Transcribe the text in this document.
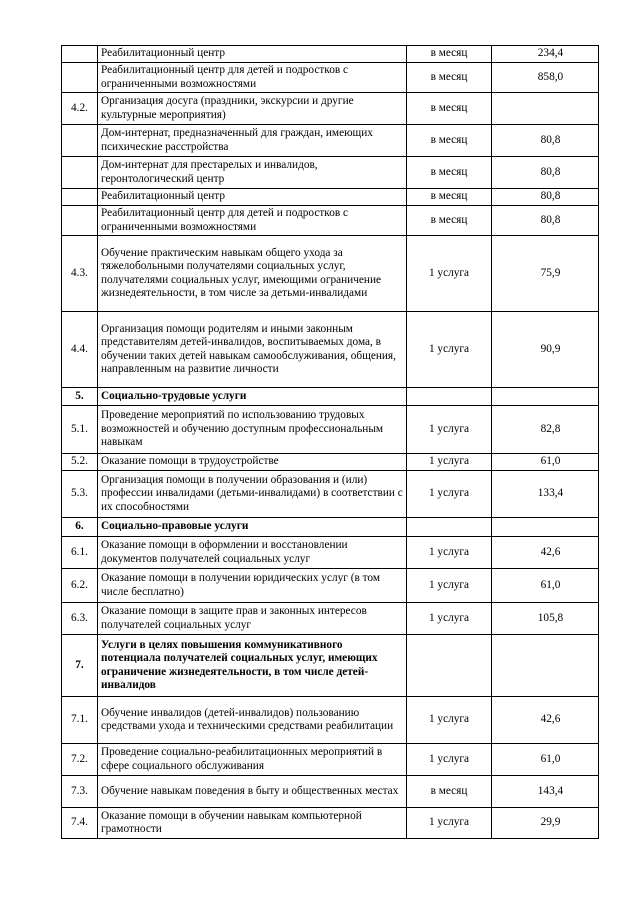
	Реабилитационный центр	в месяц	234,4
	Реабилитационный центр для детей и подростков с ограниченными возможностями	в месяц	858,0
4.2.	Организация досуга (праздники, экскурсии и другие культурные мероприятия)	в месяц	
	Дом-интернат, предназначенный для граждан, имеющих психические расстройства	в месяц	80,8
	Дом-интернат для престарелых и инвалидов, геронтологический центр	в месяц	80,8
	Реабилитационный центр	в месяц	80,8
	Реабилитационный центр для детей и подростков с ограниченными возможностями	в месяц	80,8
4.3.	Обучение практическим навыкам общего ухода за тяжелобольными получателями социальных услуг, получателями социальных услуг, имеющими ограничение жизнедеятельности, в том числе за детьми-инвалидами	1 услуга	75,9
4.4.	Организация помощи родителям и иными законным представителям детей-инвалидов, воспитываемых дома, в обучении таких детей навыкам самообслуживания, общения, направленным на развитие личности	1 услуга	90,9
5.	Социально-трудовые услуги		
5.1.	Проведение мероприятий по использованию трудовых возможностей и обучению доступным профессиональным навыкам	1 услуга	82,8
5.2.	Оказание помощи в трудоустройстве	1 услуга	61,0
5.3.	Организация помощи в получении образования и (или) профессии инвалидами (детьми-инвалидами) в соответствии с их способностями	1 услуга	133,4
6.	Социально-правовые услуги		
6.1.	Оказание помощи в оформлении и восстановлении документов получателей социальных услуг	1 услуга	42,6
6.2.	Оказание помощи в получении юридических услуг (в том числе бесплатно)	1 услуга	61,0
6.3.	Оказание помощи в защите прав и законных интересов получателей социальных услуг	1 услуга	105,8
7.	Услуги в целях повышения коммуникативного потенциала получателей социальных услуг, имеющих ограничение жизнедеятельности, в том числе детей-инвалидов		
7.1.	Обучение инвалидов (детей-инвалидов) пользованию средствами ухода и техническими средствами реабилитации	1 услуга	42,6
7.2.	Проведение социально-реабилитационных мероприятий в сфере социального обслуживания	1 услуга	61,0
7.3.	Обучение навыкам поведения в быту и общественных местах	в месяц	143,4
7.4.	Оказание помощи в обучении навыкам компьютерной грамотности	1 услуга	29,9
